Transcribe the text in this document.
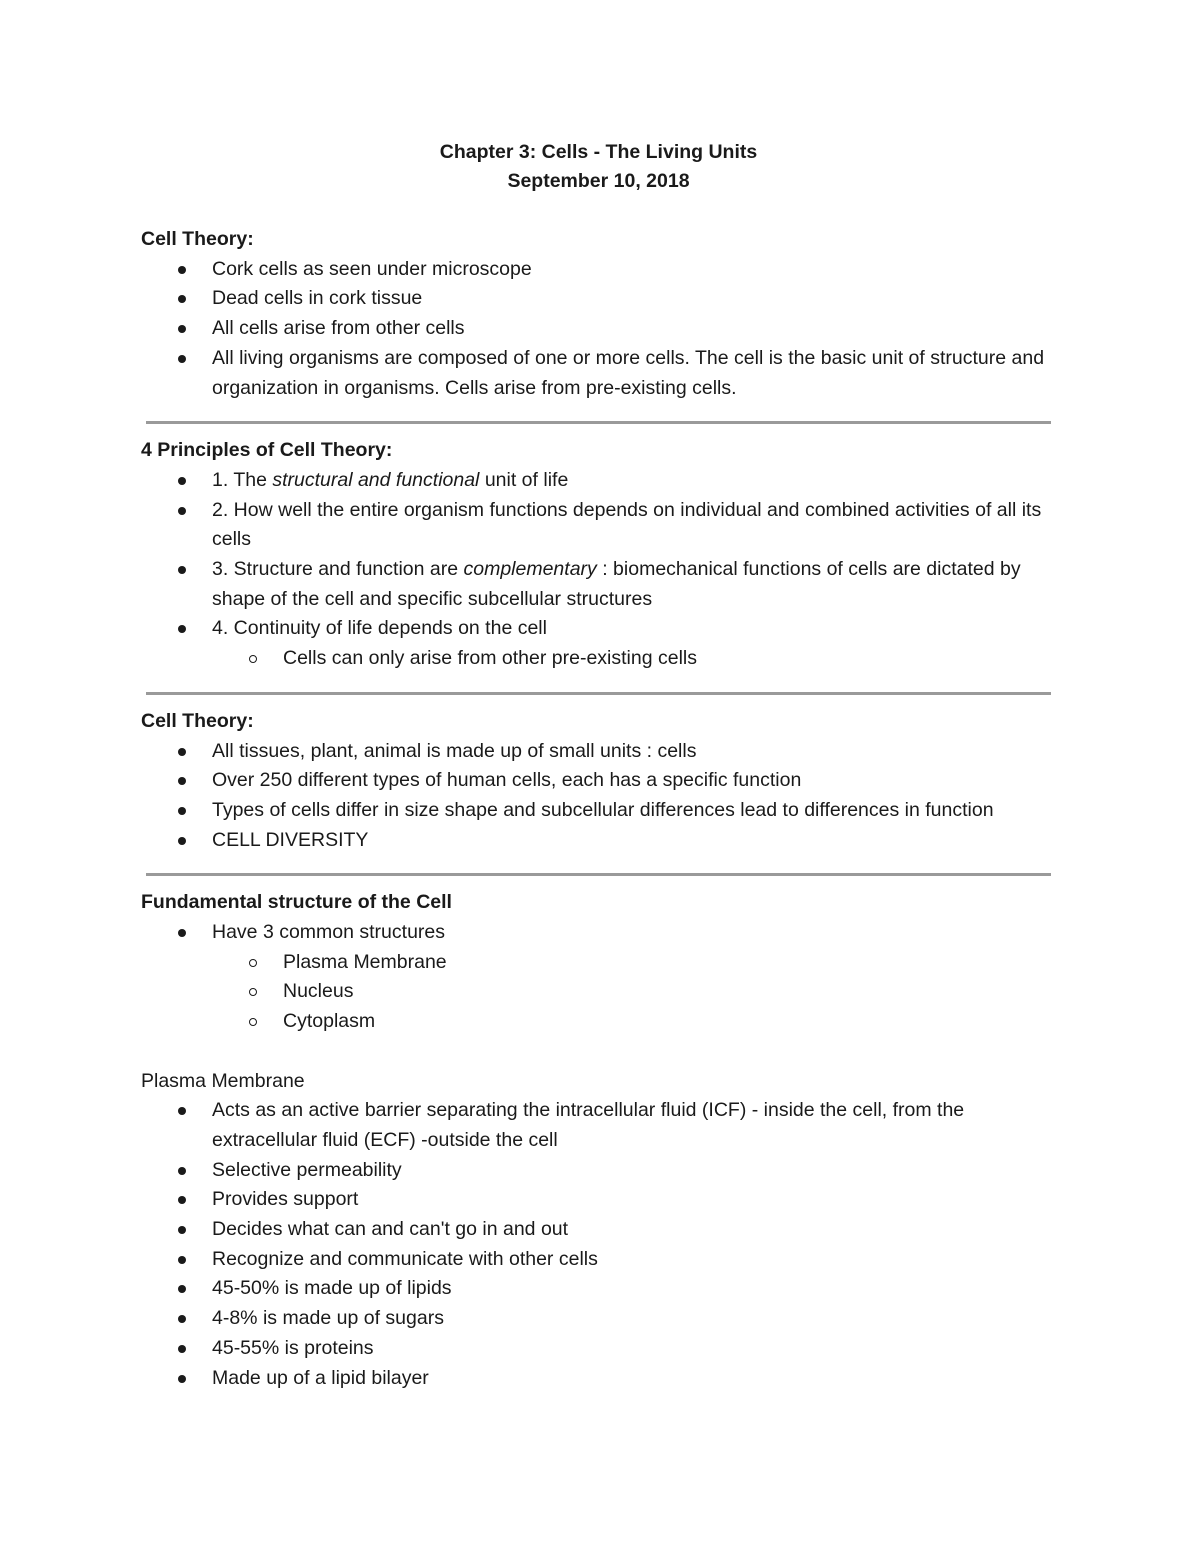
Chapter 3: Cells - The Living Units

September 10, 2018

Cell Theory:

Cork cells as seen under microscope
Dead cells in cork tissue
All cells arise from other cells
All living organisms are composed of one or more cells. The cell is the basic unit of structure and organization in organisms. Cells arise from pre-existing cells.

4 Principles of Cell Theory:

1. The structural and functional unit of life
2. How well the entire organism functions depends on individual and combined activities of all its cells
3. Structure and function are complementary : biomechanical functions of cells are dictated by shape of the cell and specific subcellular structures
4. Continuity of life depends on the cell
Cells can only arise from other pre-existing cells

Cell Theory:

All tissues, plant, animal is made up of small units : cells
Over 250 different types of human cells, each has a specific function
Types of cells differ in size shape and subcellular differences lead to differences in function
CELL DIVERSITY

Fundamental structure of the Cell

Have 3 common structures
Plasma Membrane
Nucleus
Cytoplasm

Plasma Membrane

Acts as an active barrier separating the intracellular fluid (ICF) - inside the cell, from the extracellular fluid (ECF) -outside the cell
Selective permeability
Provides support
Decides what can and can't go in and out
Recognize and communicate with other cells
45-50% is made up of lipids
4-8% is made up of sugars
45-55% is proteins
Made up of a lipid bilayer
